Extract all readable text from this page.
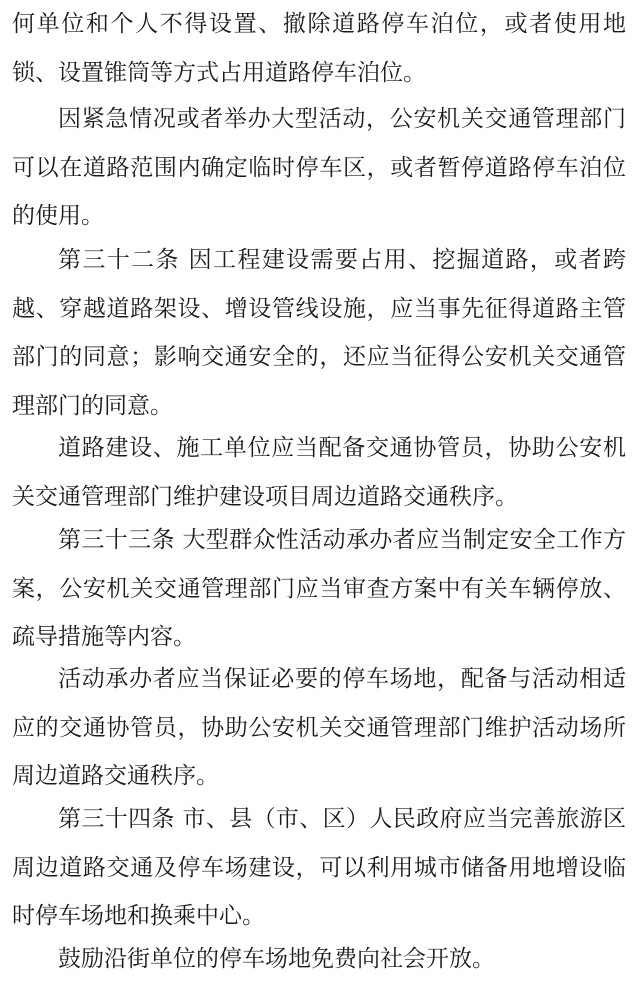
何单位和个人不得设置、撤除道路停车泊位，或者使用地锁、设置锥筒等方式占用道路停车泊位。

因紧急情况或者举办大型活动，公安机关交通管理部门可以在道路范围内确定临时停车区，或者暂停道路停车泊位的使用。

第三十二条 因工程建设需要占用、挖掘道路，或者跨越、穿越道路架设、增设管线设施，应当事先征得道路主管部门的同意；影响交通安全的，还应当征得公安机关交通管理部门的同意。

道路建设、施工单位应当配备交通协管员，协助公安机关交通管理部门维护建设项目周边道路交通秩序。

第三十三条 大型群众性活动承办者应当制定安全工作方案，公安机关交通管理部门应当审查方案中有关车辆停放、疏导措施等内容。

活动承办者应当保证必要的停车场地，配备与活动相适应的交通协管员，协助公安机关交通管理部门维护活动场所周边道路交通秩序。

第三十四条 市、县（市、区）人民政府应当完善旅游区周边道路交通及停车场建设，可以利用城市储备用地增设临时停车场地和换乘中心。

鼓励沿街单位的停车场地免费向社会开放。
